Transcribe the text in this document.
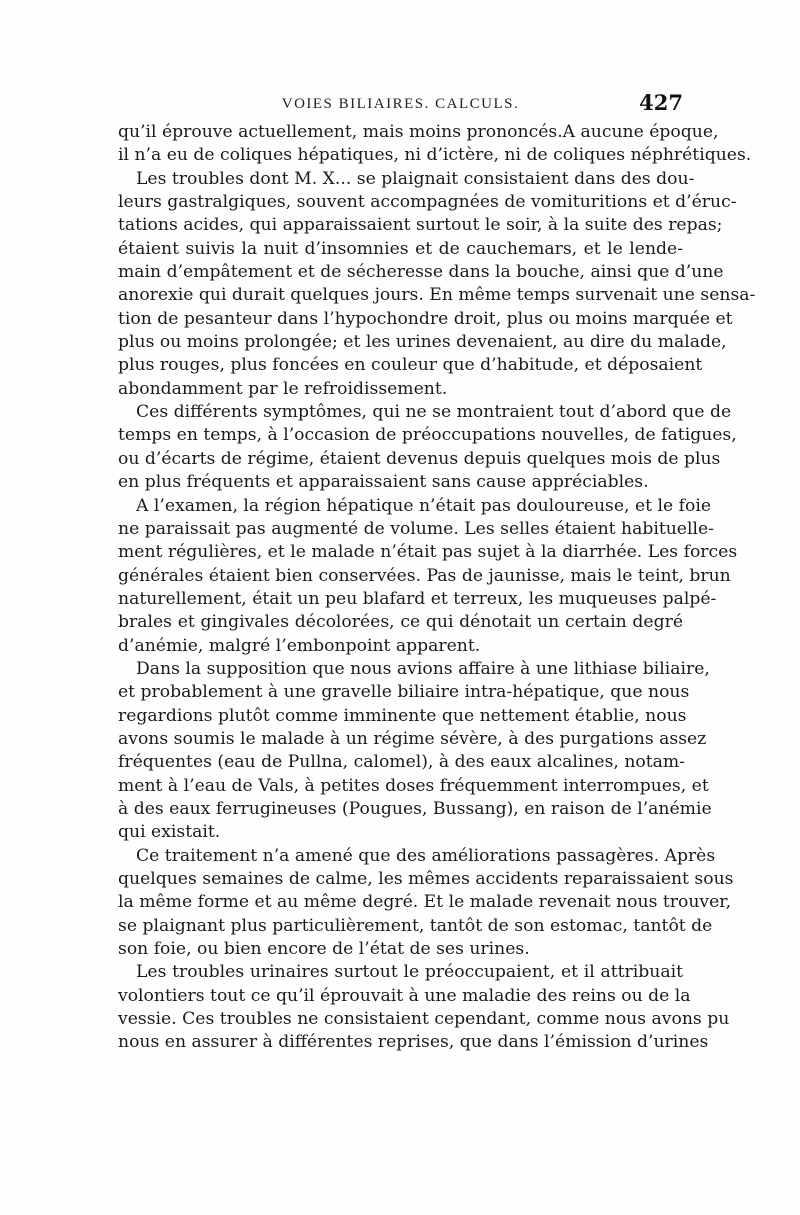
VOIES BILIAIRES. CALCULS.	427
qu’il éprouve actuellement, mais moins prononcés.A aucune époque,
il n’a eu de coliques hépatiques, ni d’ictère, ni de coliques néphrétiques.
Les troubles dont M. X... se plaignait consistaient dans des dou-
leurs gastralgiques, souvent accompagnées de vomituritions et d’éruc-
tations acides, qui apparaissaient surtout le soir, à la suite des repas;
étaient suivis la nuit d’insomnies et de cauchemars, et le lende-
main d’empâtement et de sécheresse dans la bouche, ainsi que d’une
anorexie qui durait quelques jours. En même temps survenait une sensa-
tion de pesanteur dans l’hypochondre droit, plus ou moins marquée et
plus ou moins prolongée; et les urines devenaient, au dire du malade,
plus rouges, plus foncées en couleur que d’habitude, et déposaient
abondamment par le refroidissement.
Ces différents symptômes, qui ne se montraient tout d’abord que de
temps en temps, à l’occasion de préoccupations nouvelles, de fatigues,
ou d’écarts de régime, étaient devenus depuis quelques mois de plus
en plus fréquents et apparaissaient sans cause appréciables.
A l’examen, la région hépatique n’était pas douloureuse, et le foie
ne paraissait pas augmenté de volume. Les selles étaient habituelle-
ment régulières, et le malade n’était pas sujet à la diarrhée. Les forces
générales étaient bien conservées. Pas de jaunisse, mais le teint, brun
naturellement, était un peu blafard et terreux, les muqueuses palpé-
brales et gingivales décolorées, ce qui dénotait un certain degré
d’anémie, malgré l’embonpoint apparent.
Dans la supposition que nous avions affaire à une lithiase biliaire,
et probablement à une gravelle biliaire intra-hépatique, que nous
regardions plutôt comme imminente que nettement établie, nous
avons soumis le malade à un régime sévère, à des purgations assez
fréquentes (eau de Pullna, calomel), à des eaux alcalines, notam-
ment à l’eau de Vals, à petites doses fréquemment interrompues, et
à des eaux ferrugineuses (Pougues, Bussang), en raison de l’anémie
qui existait.
Ce traitement n’a amené que des améliorations passagères. Après
quelques semaines de calme, les mêmes accidents reparaissaient sous
la même forme et au même degré. Et le malade revenait nous trouver,
se plaignant plus particulièrement, tantôt de son estomac, tantôt de
son foie, ou bien encore de l’état de ses urines.
Les troubles urinaires surtout le préoccupaient, et il attribuait
volontiers tout ce qu’il éprouvait à une maladie des reins ou de la
vessie. Ces troubles ne consistaient cependant, comme nous avons pu
nous en assurer à différentes reprises, que dans l’émission d’urines
